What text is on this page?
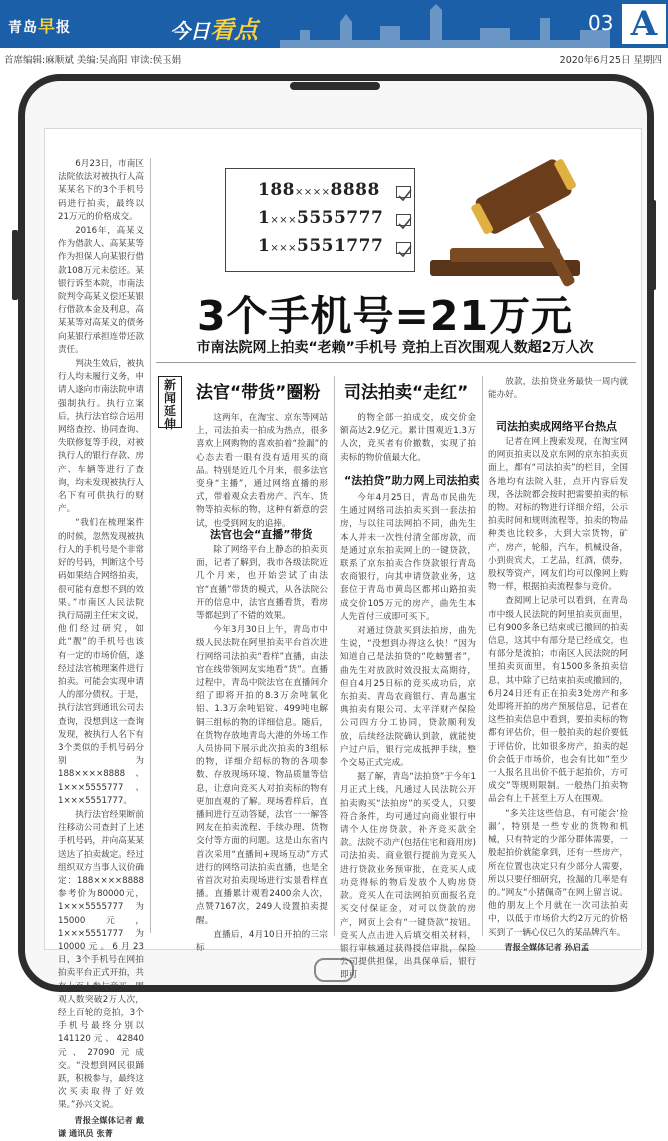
青岛早报	今日看点	03 A
首席编辑:麻顺斌 美编:吴高阳 审读:侯玉娟	2020年6月25日 星期四

6月23日，市南区法院依法对被执行人高某某名下的3个手机号码进行拍卖，最终以21万元的价格成交。

2016年，高某义作为借款人、高某某等作为担保人向某银行借款108万元未偿还。某银行诉至本院，市南法院判令高某义偿还某银行借款本金及利息，高某某等对高某义的债务向某银行承担连带还款责任。

判决生效后，被执行人均未履行义务，申请人遂向市南法院申请强制执行。执行立案后，执行法官综合运用网络查控、协同查询、失联修复等手段，对被执行人的银行存款、房产、车辆等进行了查询，均未发现被执行人名下有可供执行的财产。

“我们在梳理案件的时候，忽然发现被执行人的手机号是个非常好的号码，判断这个号码如果结合网络拍卖，很可能有意想不到的效果。”市南区人民法院执行局副主任宋文说，他们经过研究，如此“靓”的手机号也该有一定的市场价值，遂经过法官梳理案件进行拍卖。可能会实现申请人的部分债权。于是，执行法官到通讯公司去查询，没想到这一查询发现，被执行人名下有3个类似的手机号码分别为188××××8888、1×××5555777、1×××5551777。

执行法官经果断前往移动公司查封了上述手机号码，并向高某某送达了拍卖裁定。经过组织双方当事人议价确定：188××××8888参考价为80000元，1×××5555777为15000元，1×××5551777为10000元。6月23日，3个手机号在网拍拍卖平台正式开拍，共有上百人参与竞买，围观人数突破2万人次，经上百轮的竞拍，3个手机号最终分别以141120元、42840元、27090元成交。“没想到网民很踊跃，积极参与，最终这次买卖取得了好效果。”孙兴文说。

青报全媒体记者 戴谦 通讯员 张菁

188××××8888
1×××5555777
1×××5551777
3个手机号=21万元
市南法院网上拍卖“老赖”手机号 竞拍上百次围观人数超2万人次
新闻延伸
法官“带货”圈粉

这两年，在淘宝、京东等网站上，司法拍卖一拍成为热点，很多喜欢上网购物的喜欢拍着“捡漏”的心态去看一眼有没有适用买的商品。特别是近几个月来，很多法官变身“主播”，通过网络直播的形式，带着观众去看房产、汽车、货物等拍卖标的物，这种有新意的尝试，也受到网友的追捧。

法官也会“直播”带货

除了网络平台上静态的拍卖页面，记者了解到，我市各级法院近几个月来，也开始尝试了由法官“直播”带货的模式，从各法院公开的信息中，法官直播看货，看房等都起到了不错的效果。

今年3月30日上午，青岛市中级人民法院在阿里拍卖平台首次进行网络司法拍卖“看样”直播，由法官在线带领网友实地看“货”。直播过程中，青岛中院法官在直播间介绍了即将开拍的8.3万余吨氧化铝、1.3万余吨铝锭、499吨电解铜三组标的物的详细信息。随后，在货物存放地青岛大港的外场工作人员协同下展示此次拍卖的3组标的物，详细介绍标的物的各项参数、存放现场环境、物品质量等信息，让意向竞买人对拍卖标的物有更加直观的了解。现场看样后，直播间进行互动答疑，法官一一解答网友在拍卖流程、手续办理、货物交付等方面的问题。这是山东省内首次采用“直播间+现场互动”方式进行的网络司法拍卖直播，也是全省首次对拍卖现场进行实景看样直播。直播累计观看2400余人次，点赞7167次，249人设置拍卖提醒。

直播后，4月10日开拍的三宗标

司法拍卖“走红”

的物全部一拍成交，成交价金额高达2.9亿元。累计围观近1.3万人次，竞买者有价撤数，实现了拍卖标的物价值最大化。

“法拍贷”助力网上司法拍卖

今年4月25日，青岛市民曲先生通过网络司法拍卖买到一套法拍房，与以往司法网拍不同，曲先生本人并未一次性付清全部房款，而是通过京东拍卖网上的一键贷款，联系了京东拍卖合作贷款银行青岛农商银行，向其申请贷款业务，这套位于青岛市黄岛区都邦山路拍卖成交价105万元的房产，曲先生本人先首付三成即可买下。

对通过贷款买到法拍房，曲先生说，“没想到办得这么快！”因为知道自己是法拍贷的“吃螃蟹者”，曲先生对放款时效没报太高期待，但自4月25日标的竞买成功后，京东拍卖、青岛农商银行、青岛惠宝典拍卖有限公司、太平洋财产保险公司四方分工协同，贷款顺利发放，后续经法院确认到款，就能使户过户后，银行完成抵押手续，整个交易正式完成。

据了解，青岛“法拍贷”于今年1月正式上线，凡通过人民法院公开拍卖购买“法拍房”的买受人，只要符合条件，均可通过向商业银行申请个人住房贷款，补齐竞买款全款。法院不动产(包括住宅和商用房)司法拍卖、商业银行提前为竞买人进行贷款业务预审批，在竞买人成功竞得标的物后发放个人购房贷款。竞买人在司法网拍页面报名竞买交付保证金，对可以贷款的房产，网页上会有“一键贷款”按钮。竞买人点击进入后填交相关材料，银行审核通过获得授信审批，保险公司提供担保，出具保单后，银行即可

放款，法拍贷业务最快一周内就能办好。

司法拍卖成网络平台热点

记者在网上搜索发现，在淘宝网的网页拍卖以及京东网的京东拍卖页面上，都有“司法拍卖”的栏目，全国各地均有法院入驻，点开内容后发现，各法院都会按时把需要拍卖的标的物。对标的物进行详细介绍，公示拍卖时间和规则流程等，拍卖的物品种类也比较多，大到大宗货物，矿产，房产，轮船，汽车，机械设备，小到贵宾犬，工艺品，红酒，债券，股权等资产，网友们均可以像网上购物一样，根据拍卖流程参与竞价。

查阅网上记录可以看到，在青岛市中级人民法院的阿里拍卖页面里，已有900多条已结束或已撤回的拍卖信息，这其中有部分是已经成交，也有部分是流拍；市南区人民法院的阿里拍卖页面里，有1500多条拍卖信息，其中除了已结束拍卖或撤回的，6月24日还有正在拍卖3处房产和多处即将开拍的房产预展信息，记者在这些拍卖信息中看到，要拍卖标的物都有评估价，但一般拍卖的起价要低于评估价，比如很多房产，拍卖的起价会低于市场价，也会有比如“至少一人报名且出价不低于起拍价，方可成交”等规则限制。一般热门拍卖物品会有上千甚至上万人在围观。

“多关注这些信息，有可能会‘捡漏’，特别是一些专业的货物和机械，只有特定的少部分群体需要，一般起拍价就能拿到，还有一些房产，所在位置也决定只有少部分人需要，所以只要仔细研究，捡漏的几率是有的。”网友“小猪佩奇”在网上留言说。他的朋友上个月就在一次司法拍卖中，以低于市场价大约2万元的价格买到了一辆心仪已久的某品牌汽车。

青报全媒体记者 孙启孟
